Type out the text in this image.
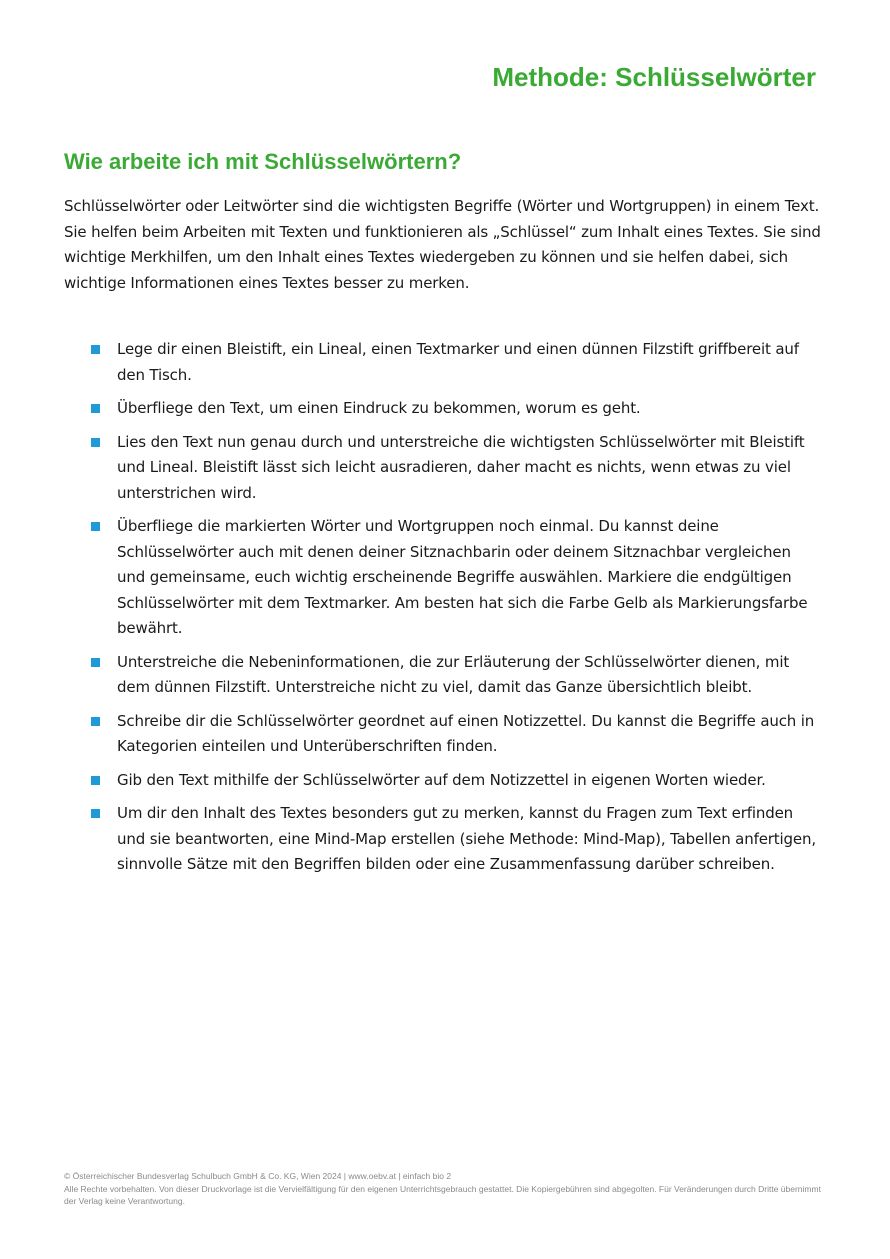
Methode: Schlüsselwörter
Wie arbeite ich mit Schlüsselwörtern?

Schlüsselwörter oder Leitwörter sind die wichtigsten Begriffe (Wörter und Wortgruppen) in einem Text. Sie helfen beim Arbeiten mit Texten und funktionieren als „Schlüssel“ zum Inhalt eines Textes. Sie sind wichtige Merkhilfen, um den Inhalt eines Textes wiedergeben zu können und sie helfen dabei, sich wichtige Informationen eines Textes besser zu merken.

Lege dir einen Bleistift, ein Lineal, einen Textmarker und einen dünnen Filzstift griffbereit auf den Tisch.
Überfliege den Text, um einen Eindruck zu bekommen, worum es geht.
Lies den Text nun genau durch und unterstreiche die wichtigsten Schlüsselwörter mit Bleistift und Lineal. Bleistift lässt sich leicht ausradieren, daher macht es nichts, wenn etwas zu viel unterstrichen wird.
Überfliege die markierten Wörter und Wortgruppen noch einmal. Du kannst deine Schlüsselwörter auch mit denen deiner Sitznachbarin oder deinem Sitznachbar vergleichen und gemeinsame, euch wichtig erscheinende Begriffe auswählen. Markiere die endgültigen Schlüsselwörter mit dem Textmarker. Am besten hat sich die Farbe Gelb als Markierungsfarbe bewährt.
Unterstreiche die Nebeninformationen, die zur Erläuterung der Schlüsselwörter dienen, mit dem dünnen Filzstift. Unterstreiche nicht zu viel, damit das Ganze übersichtlich bleibt.
Schreibe dir die Schlüsselwörter geordnet auf einen Notizzettel. Du kannst die Begriffe auch in Kategorien einteilen und Unterüberschriften finden.
Gib den Text mithilfe der Schlüsselwörter auf dem Notizzettel in eigenen Worten wieder.
Um dir den Inhalt des Textes besonders gut zu merken, kannst du Fragen zum Text erfinden und sie beantworten, eine Mind-Map erstellen (siehe Methode: Mind-Map), Tabellen anfertigen, sinnvolle Sätze mit den Begriffen bilden oder eine Zusammenfassung darüber schreiben.

© Österreichischer Bundesverlag Schulbuch GmbH & Co. KG, Wien 2024 | www.oebv.at | einfach bio 2

Alle Rechte vorbehalten. Von dieser Druckvorlage ist die Vervielfältigung für den eigenen Unterrichtsgebrauch gestattet. Die Kopiergebühren sind abgegolten. Für Veränderungen durch Dritte übernimmt der Verlag keine Verantwortung.
